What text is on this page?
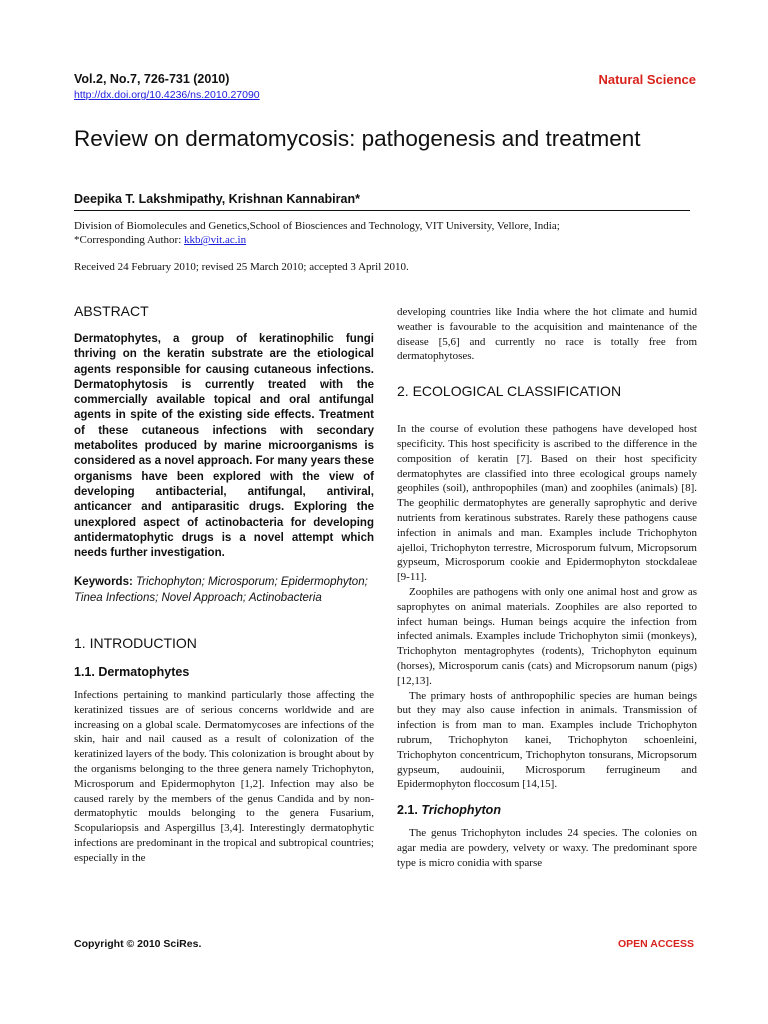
Vol.2, No.7, 726-731 (2010)
http://dx.doi.org/10.4236/ns.2010.27090
Natural Science
Review on dermatomycosis: pathogenesis and treatment
Deepika T. Lakshmipathy, Krishnan Kannabiran*
Division of Biomolecules and Genetics,School of Biosciences and Technology, VIT University, Vellore, India;
*Corresponding Author: kkb@vit.ac.in
Received 24 February 2010; revised 25 March 2010; accepted 3 April 2010.
ABSTRACT

Dermatophytes, a group of keratinophilic fungi thriving on the keratin substrate are the etiological agents responsible for causing cutaneous infections. Dermatophytosis is currently treated with the commercially available topical and oral antifungal agents in spite of the existing side effects. Treatment of these cutaneous infections with secondary metabolites produced by marine microorganisms is considered as a novel approach. For many years these organisms have been explored with the view of developing antibacterial, antifungal, antiviral, anticancer and antiparasitic drugs. Exploring the unexplored aspect of actinobacteria for developing antidermatophytic drugs is a novel attempt which needs further investigation.

Keywords: Trichophyton; Microsporum; Epidermophyton; Tinea Infections; Novel Approach; Actinobacteria
1. INTRODUCTION
1.1. Dermatophytes

Infections pertaining to mankind particularly those affecting the keratinized tissues are of serious concerns worldwide and are increasing on a global scale. Dermatomycoses are infections of the skin, hair and nail caused as a result of colonization of the keratinized layers of the body. This colonization is brought about by the organisms belonging to the three genera namely Trichophyton, Microsporum and Epidermophyton [1,2]. Infection may also be caused rarely by the members of the genus Candida and by non-dermatophytic moulds belonging to the genera Fusarium, Scopulariopsis and Aspergillus [3,4]. Interestingly dermatophytic infections are predominant in the tropical and subtropical countries; especially in the

developing countries like India where the hot climate and humid weather is favourable to the acquisition and maintenance of the disease [5,6] and currently no race is totally free from dermatophytoses.

2. ECOLOGICAL CLASSIFICATION

In the course of evolution these pathogens have developed host specificity. This host specificity is ascribed to the difference in the composition of keratin [7]. Based on their host specificity dermatophytes are classified into three ecological groups namely geophiles (soil), anthropophiles (man) and zoophiles (animals) [8]. The geophilic dermatophytes are generally saprophytic and derive nutrients from keratinous substrates. Rarely these pathogens cause infection in animals and man. Examples include Trichophyton ajelloi, Trichophyton terrestre, Microsporum fulvum, Micropsorum gypseum, Microsporum cookie and Epidermophyton stockdaleae [9-11].

Zoophiles are pathogens with only one animal host and grow as saprophytes on animal materials. Zoophiles are also reported to infect human beings. Human beings acquire the infection from infected animals. Examples include Trichophyton simii (monkeys), Trichophyton mentagrophytes (rodents), Trichophyton equinum (horses), Microsporum canis (cats) and Micropsorum nanum (pigs) [12,13].

The primary hosts of anthropophilic species are human beings but they may also cause infection in animals. Transmission of infection is from man to man. Examples include Trichophyton rubrum, Trichophyton kanei, Trichophyton schoenleini, Trichophyton concentricum, Trichophyton tonsurans, Micropsorum gypseum, audouinii, Microsporum ferrugineum and Epidermophyton floccosum [14,15].

2.1. Trichophyton

The genus Trichophyton includes 24 species. The colonies on agar media are powdery, velvety or waxy. The predominant spore type is micro conidia with sparse

Copyright © 2010 SciRes.	OPEN ACCESS
